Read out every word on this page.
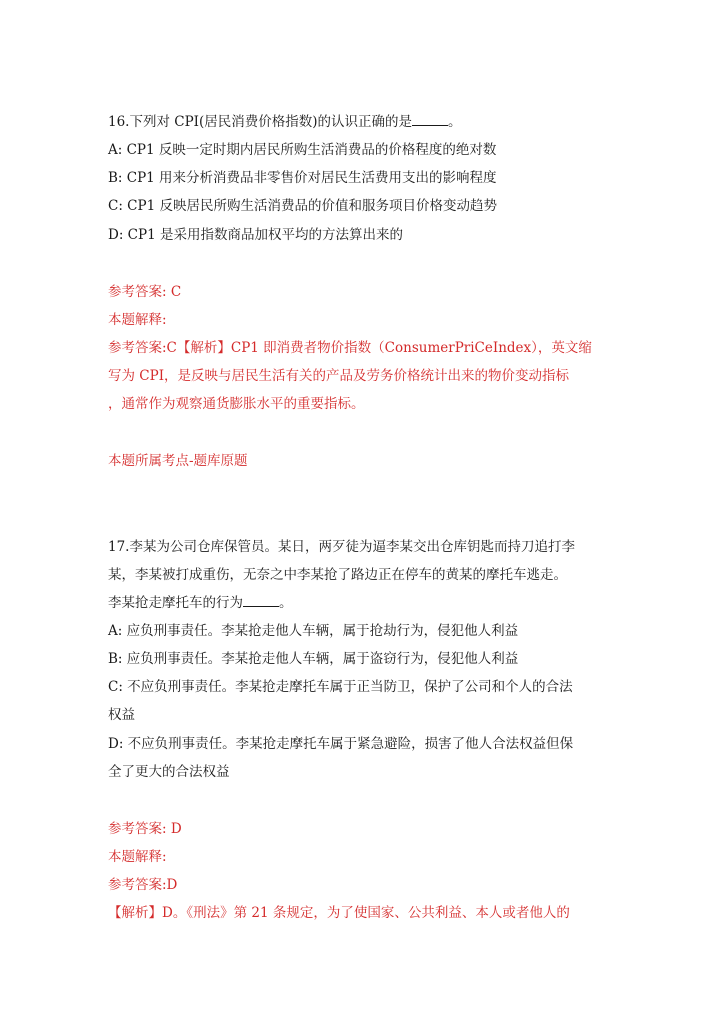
16.下列对 CPI(居民消费价格指数)的认识正确的是	。
A: CP1 反映一定时期内居民所购生活消费品的价格程度的绝对数
B: CP1 用来分析消费品非零售价对居民生活费用支出的影响程度
C: CP1 反映居民所购生活消费品的价值和服务项目价格变动趋势
D: CP1 是采用指数商品加权平均的方法算出来的
参考答案: C
本题解释:
参考答案:C【解析】CP1 即消费者物价指数（ConsumerPriCeIndex），英文缩
写为 CPI，是反映与居民生活有关的产品及劳务价格统计出来的物价变动指标
，通常作为观察通货膨胀水平的重要指标。
本题所属考点-题库原题
17.李某为公司仓库保管员。某日，两歹徒为逼李某交出仓库钥匙而持刀追打李
某，李某被打成重伤，无奈之中李某抢了路边正在停车的黄某的摩托车逃走。
李某抢走摩托车的行为	。
A: 应负刑事责任。李某抢走他人车辆，属于抢劫行为，侵犯他人利益
B: 应负刑事责任。李某抢走他人车辆，属于盗窃行为，侵犯他人利益
C: 不应负刑事责任。李某抢走摩托车属于正当防卫，保护了公司和个人的合法
权益
D: 不应负刑事责任。李某抢走摩托车属于紧急避险，损害了他人合法权益但保
全了更大的合法权益
参考答案: D
本题解释:
参考答案:D
【解析】D。《刑法》第 21 条规定，为了使国家、公共利益、本人或者他人的
